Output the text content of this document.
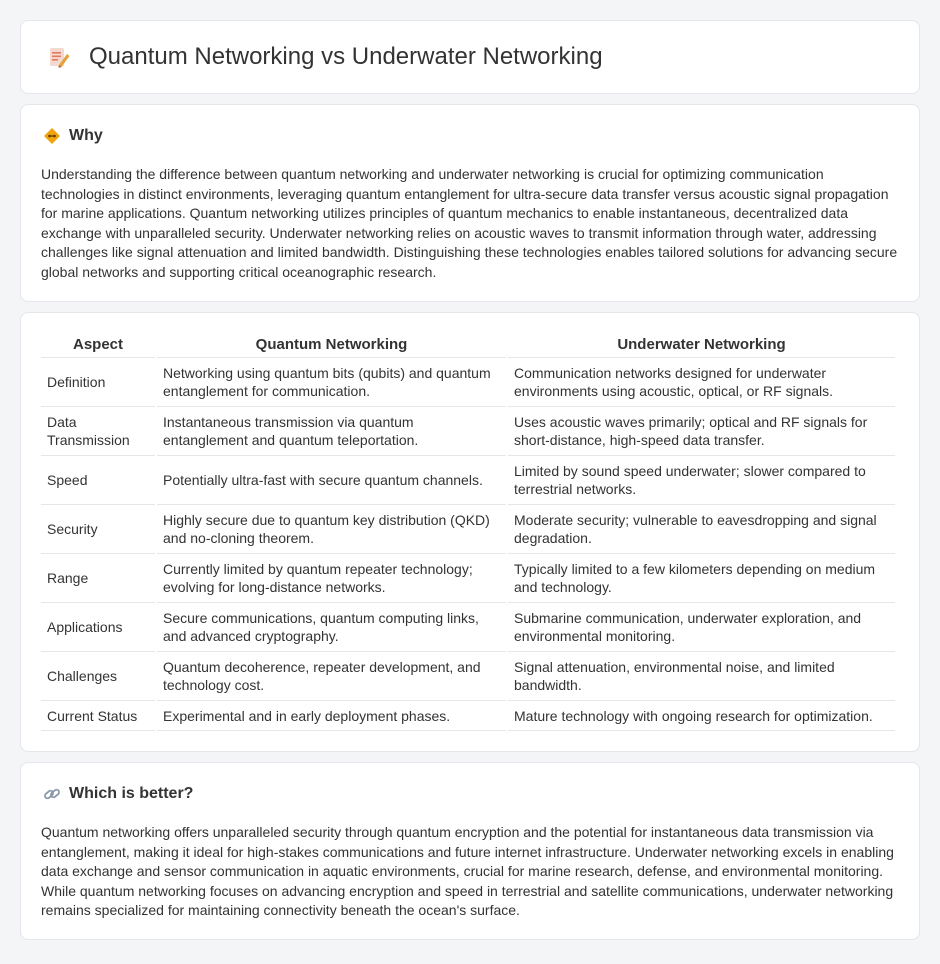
Quantum Networking vs Underwater Networking
Why

Understanding the difference between quantum networking and underwater networking is crucial for optimizing communication technologies in distinct environments, leveraging quantum entanglement for ultra-secure data transfer versus acoustic signal propagation for marine applications. Quantum networking utilizes principles of quantum mechanics to enable instantaneous, decentralized data exchange with unparalleled security. Underwater networking relies on acoustic waves to transmit information through water, addressing challenges like signal attenuation and limited bandwidth. Distinguishing these technologies enables tailored solutions for advancing secure global networks and supporting critical oceanographic research.

Aspect	Quantum Networking	Underwater Networking
Definition	Networking using quantum bits (qubits) and quantum entanglement for communication.	Communication networks designed for underwater environments using acoustic, optical, or RF signals.
Data Transmission	Instantaneous transmission via quantum entanglement and quantum teleportation.	Uses acoustic waves primarily; optical and RF signals for short-distance, high-speed data transfer.
Speed	Potentially ultra-fast with secure quantum channels.	Limited by sound speed underwater; slower compared to terrestrial networks.
Security	Highly secure due to quantum key distribution (QKD) and no-cloning theorem.	Moderate security; vulnerable to eavesdropping and signal degradation.
Range	Currently limited by quantum repeater technology; evolving for long-distance networks.	Typically limited to a few kilometers depending on medium and technology.
Applications	Secure communications, quantum computing links, and advanced cryptography.	Submarine communication, underwater exploration, and environmental monitoring.
Challenges	Quantum decoherence, repeater development, and technology cost.	Signal attenuation, environmental noise, and limited bandwidth.
Current Status	Experimental and in early deployment phases.	Mature technology with ongoing research for optimization.
Which is better?

Quantum networking offers unparalleled security through quantum encryption and the potential for instantaneous data transmission via entanglement, making it ideal for high-stakes communications and future internet infrastructure. Underwater networking excels in enabling data exchange and sensor communication in aquatic environments, crucial for marine research, defense, and environmental monitoring. While quantum networking focuses on advancing encryption and speed in terrestrial and satellite communications, underwater networking remains specialized for maintaining connectivity beneath the ocean's surface.
